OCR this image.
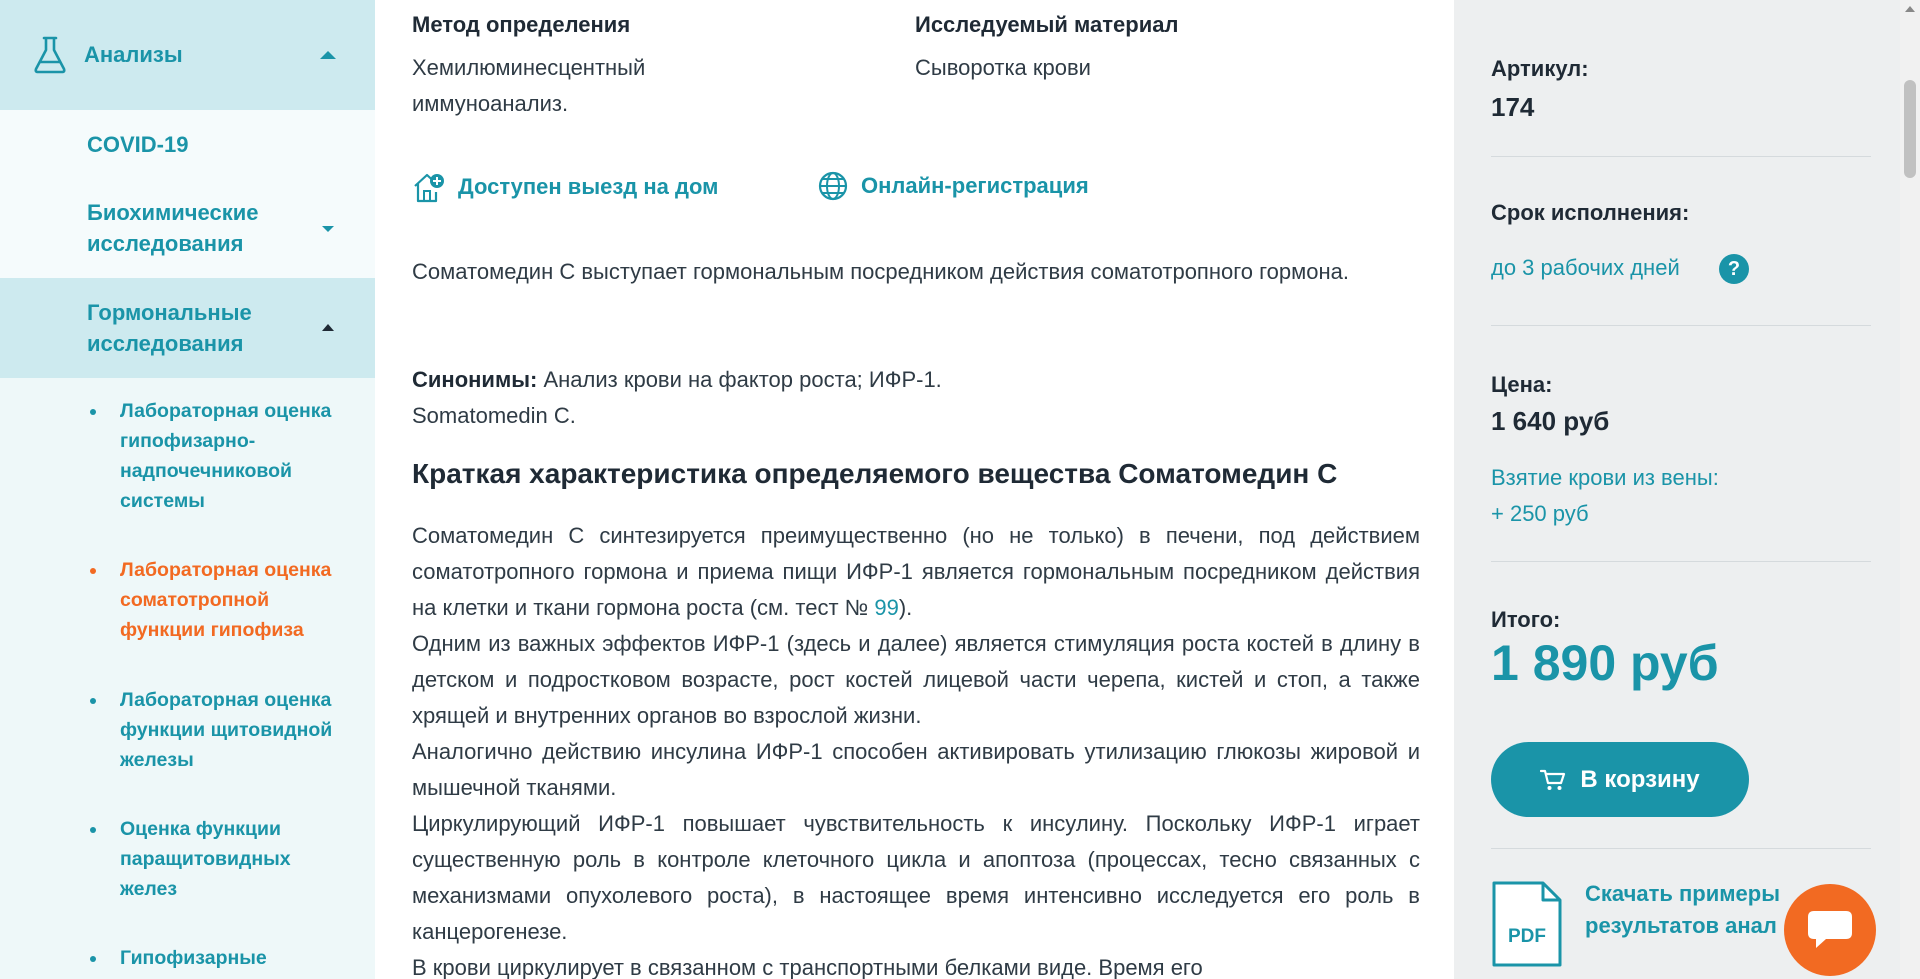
Анализы
COVID-19
Биохимические
исследования
Гормональные
исследования
Лабораторная оценка
гипофизарно-
надпочечниковой
системы
Лабораторная оценка
соматотропной
функции гипофиза
Лабораторная оценка
функции щитовидной
железы
Оценка функции
паращитовидных
желез
Гипофизарные
Метод определения
Хемилюминесцентный
иммуноанализ.
Исследуемый материал
Сыворотка крови
Доступен выезд на дом	Онлайн-регистрация
Соматомедин С выступает гормональным посредником действия соматотропного гормона.
Синонимы: Анализ крови на фактор роста; ИФР-1.
Somatomedin C.
Краткая характеристика определяемого вещества Соматомедин С
Соматомедин С синтезируется преимущественно (но не только) в печени, под действием соматотропного гормона и приема пищи ИФР-1 является гормональным посредником действия на клетки и ткани гормона роста (см. тест № 99).
Одним из важных эффектов ИФР-1 (здесь и далее) является стимуляция роста костей в длину в детском и подростковом возрасте, рост костей лицевой части черепа, кистей и стоп, а также хрящей и внутренних органов во взрослой жизни.
Аналогично действию инсулина ИФР-1 способен активировать утилизацию глюкозы жировой и мышечной тканями.
Циркулирующий ИФР-1 повышает чувствительность к инсулину. Поскольку ИФР-1 играет существенную роль в контроле клеточного цикла и апоптоза (процессах, тесно связанных с механизмами опухолевого роста), в настоящее время интенсивно исследуется его роль в канцерогенезе.
В крови циркулирует в связанном с транспортными белками виде. Время его
Артикул:
174
Срок исполнения:
до 3 рабочих дней	?
Цена:
1 640 руб
Взятие крови из вены:
+ 250 руб
Итого:
1 890 руб
В корзину
PDF
Скачать примеры
результатов анал
